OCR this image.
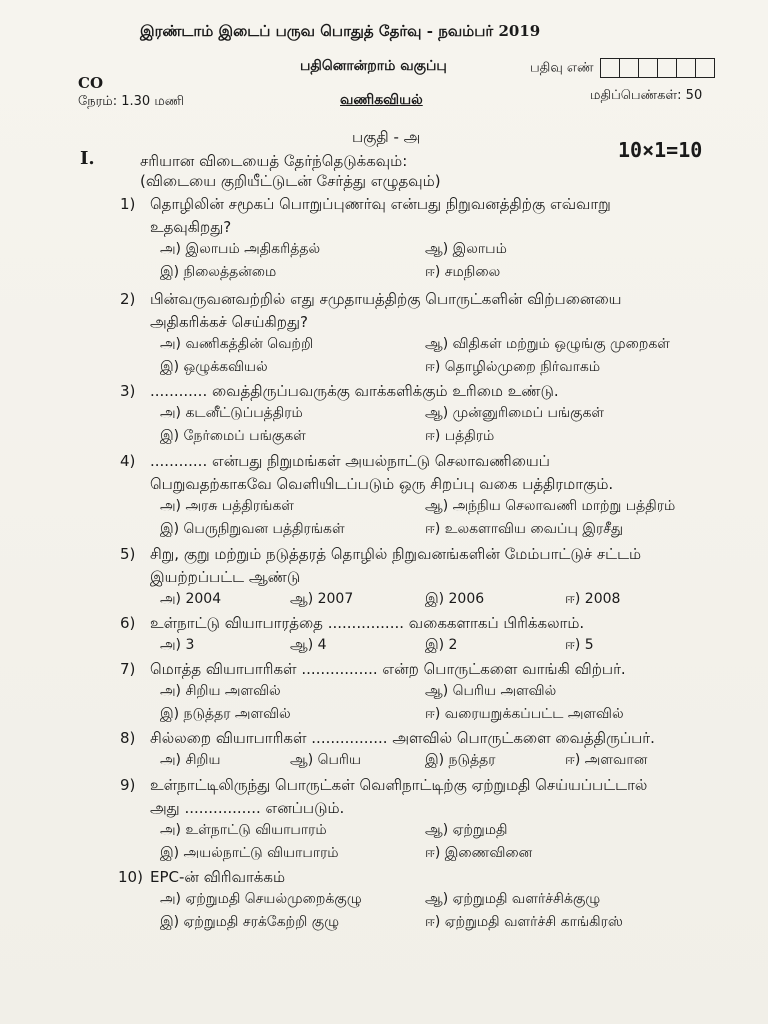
இரண்டாம் இடைப் பருவ பொதுத் தேர்வு - நவம்பர் 2019
பதினொன்றாம் வகுப்பு	பதிவு எண்
CO
நேரம்: 1.30 மணி	வணிகவியல்	மதிப்பெண்கள்: 50
பகுதி - அ
I.	சரியான விடையைத் தேர்ந்தெடுக்கவும்:	10×1=10
(விடையை குறியீட்டுடன் சேர்த்து எழுதவும்)
1) தொழிலின் சமூகப் பொறுப்புணர்வு என்பது நிறுவனத்திற்கு எவ்வாறு
உதவுகிறது?
அ) இலாபம் அதிகரித்தல்	ஆ) இலாபம்
இ) நிலைத்தன்மை	ஈ) சமநிலை
2) பின்வருவனவற்றில் எது சமுதாயத்திற்கு பொருட்களின் விற்பனையை
அதிகரிக்கச் செய்கிறது?
அ) வணிகத்தின் வெற்றி	ஆ) விதிகள் மற்றும் ஒழுங்கு முறைகள்
இ) ஒழுக்கவியல்	ஈ) தொழில்முறை நிர்வாகம்
3) ............ வைத்திருப்பவருக்கு வாக்களிக்கும் உரிமை உண்டு.
அ) கடனீட்டுப்பத்திரம்	ஆ) முன்னுரிமைப் பங்குகள்
இ) நேர்மைப் பங்குகள்	ஈ) பத்திரம்
4) ............ என்பது நிறுமங்கள் அயல்நாட்டு செலாவணியைப்
பெறுவதற்காகவே வெளியிடப்படும் ஒரு சிறப்பு வகை பத்திரமாகும்.
அ) அரசு பத்திரங்கள்	ஆ) அந்நிய செலாவணி மாற்று பத்திரம்
இ) பெருநிறுவன பத்திரங்கள்	ஈ) உலகளாவிய வைப்பு இரசீது
5) சிறு, குறு மற்றும் நடுத்தரத் தொழில் நிறுவனங்களின் மேம்பாட்டுச் சட்டம்
இயற்றப்பட்ட ஆண்டு
அ) 2004	ஆ) 2007	இ) 2006	ஈ) 2008
6) உள்நாட்டு வியாபாரத்தை ................ வகைகளாகப் பிரிக்கலாம்.
அ) 3	ஆ) 4	இ) 2	ஈ) 5
7) மொத்த வியாபாரிகள் ................ என்ற பொருட்களை வாங்கி விற்பர்.
அ) சிறிய அளவில்	ஆ) பெரிய அளவில்
இ) நடுத்தர அளவில்	ஈ) வரையறுக்கப்பட்ட அளவில்
8) சில்லறை வியாபாரிகள் ................ அளவில் பொருட்களை வைத்திருப்பர்.
அ) சிறிய	ஆ) பெரிய	இ) நடுத்தர	ஈ) அளவான
9) உள்நாட்டிலிருந்து பொருட்கள் வெளிநாட்டிற்கு ஏற்றுமதி செய்யப்பட்டால்
அது ................ எனப்படும்.
அ) உள்நாட்டு வியாபாரம்	ஆ) ஏற்றுமதி
இ) அயல்நாட்டு வியாபாரம்	ஈ) இணைவினை
10) EPC-ன் விரிவாக்கம்
அ) ஏற்றுமதி செயல்முறைக்குழு	ஆ) ஏற்றுமதி வளர்ச்சிக்குழு
இ) ஏற்றுமதி சரக்கேற்றி குழு	ஈ) ஏற்றுமதி வளர்ச்சி காங்கிரஸ்
